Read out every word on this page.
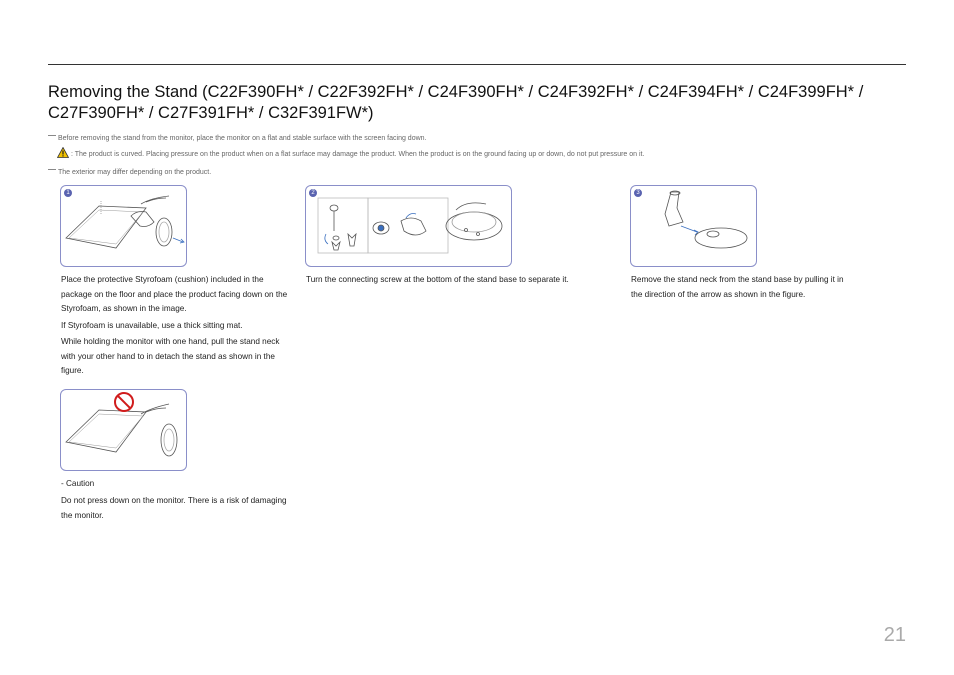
Removing the Stand (C22F390FH* / C22F392FH* / C24F390FH* / C24F392FH* / C24F394FH* / C24F399FH* / C27F390FH* / C27F391FH* / C32F391FW*)

Before removing the stand from the monitor, place the monitor on a flat and stable surface with the screen facing down.

: The product is curved. Placing pressure on the product when on a flat surface may damage the product. When the product is on the ground facing up or down, do not put pressure on it.

The exterior may differ depending on the product.

1	2	3

Place the protective Styrofoam (cushion) included in the package on the floor and place the product facing down on the Styrofoam, as shown in the image.

If Styrofoam is unavailable, use a thick sitting mat.

While holding the monitor with one hand, pull the stand neck with your other hand to in detach the stand as shown in the figure.

Turn the connecting screw at the bottom of the stand base to separate it.	Remove the stand neck from the stand base by pulling it in the direction of the arrow as shown in the figure.

- Caution

Do not press down on the monitor. There is a risk of damaging the monitor.

21
